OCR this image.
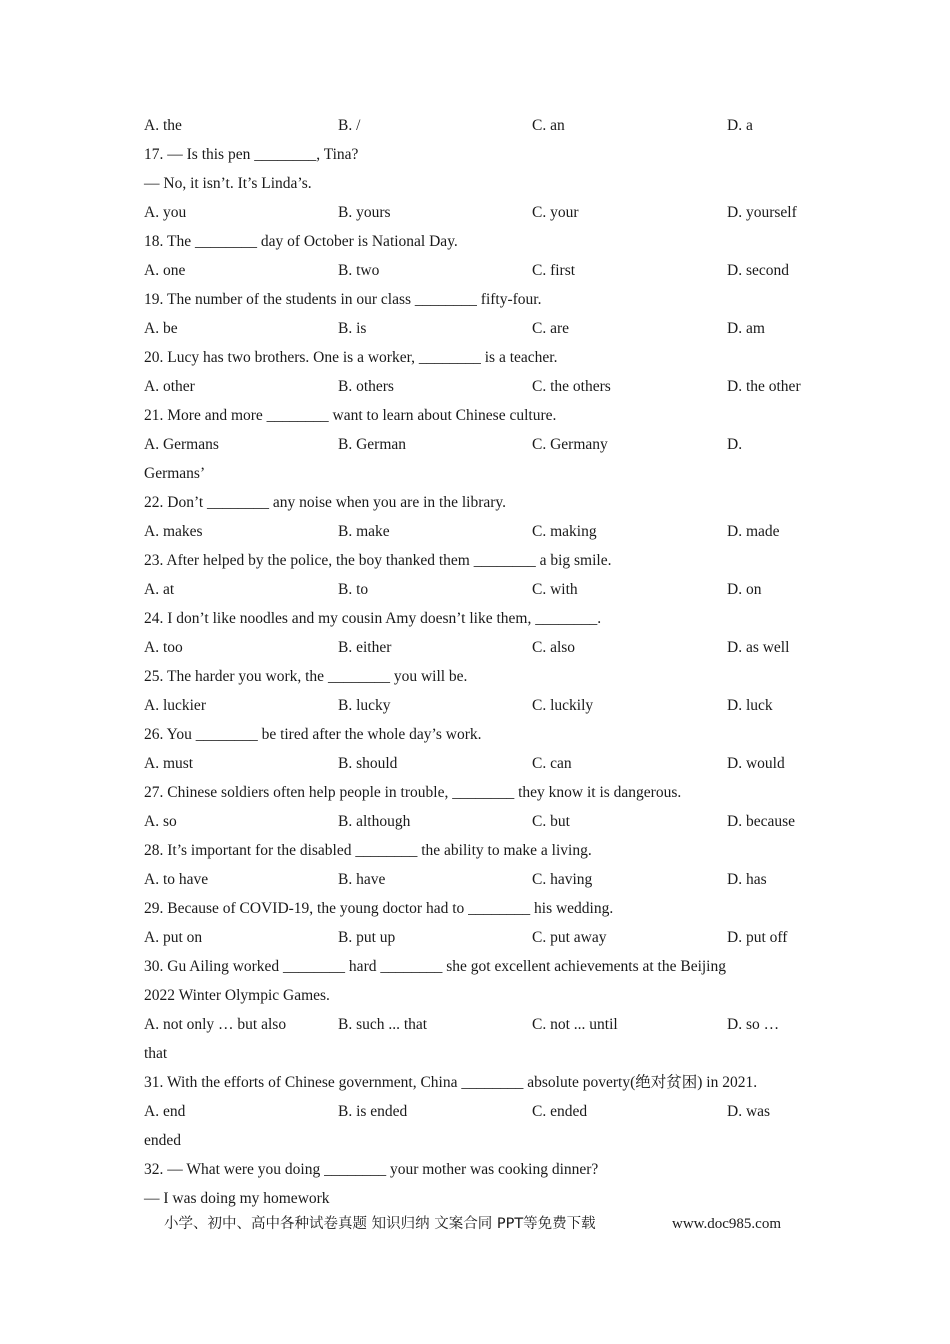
A. the	B. /	C. an	D. a
17. — Is this pen ________, Tina?
— No, it isn’t. It’s Linda’s.
A. you	B. yours	C. your	D. yourself
18. The ________ day of October is National Day.
A. one	B. two	C. first	D. second
19. The number of the students in our class ________ fifty-four.
A. be	B. is	C. are	D. am
20. Lucy has two brothers. One is a worker, ________ is a teacher.
A. other	B. others	C. the others	D. the other
21. More and more ________ want to learn about Chinese culture.
A. Germans	B. German	C. Germany	D.
Germans’
22. Don’t ________ any noise when you are in the library.
A. makes	B. make	C. making	D. made
23. After helped by the police, the boy thanked them ________ a big smile.
A. at	B. to	C. with	D. on
24. I don’t like noodles and my cousin Amy doesn’t like them, ________.
A. too	B. either	C. also	D. as well
25. The harder you work, the ________ you will be.
A. luckier	B. lucky	C. luckily	D. luck
26. You ________ be tired after the whole day’s work.
A. must	B. should	C. can	D. would
27. Chinese soldiers often help people in trouble, ________ they know it is dangerous.
A. so	B. although	C. but	D. because
28. It’s important for the disabled ________ the ability to make a living.
A. to have	B. have	C. having	D. has
29. Because of COVID-19, the young doctor had to ________ his wedding.
A. put on	B. put up	C. put away	D. put off
30. Gu Ailing worked ________ hard ________ she got excellent achievements at the Beijing
2022 Winter Olympic Games.
A. not only … but also	B. such ... that	C. not ... until	D. so …
that
31. With the efforts of Chinese government, China ________ absolute poverty(绝对贫困) in 2021.
A. end	B. is ended	C. ended	D. was
ended
32. — What were you doing ________ your mother was cooking dinner?
— I was doing my homework
小学、初中、高中各种试卷真题 知识归纳 文案合同 PPT等免费下载	www.doc985.com
